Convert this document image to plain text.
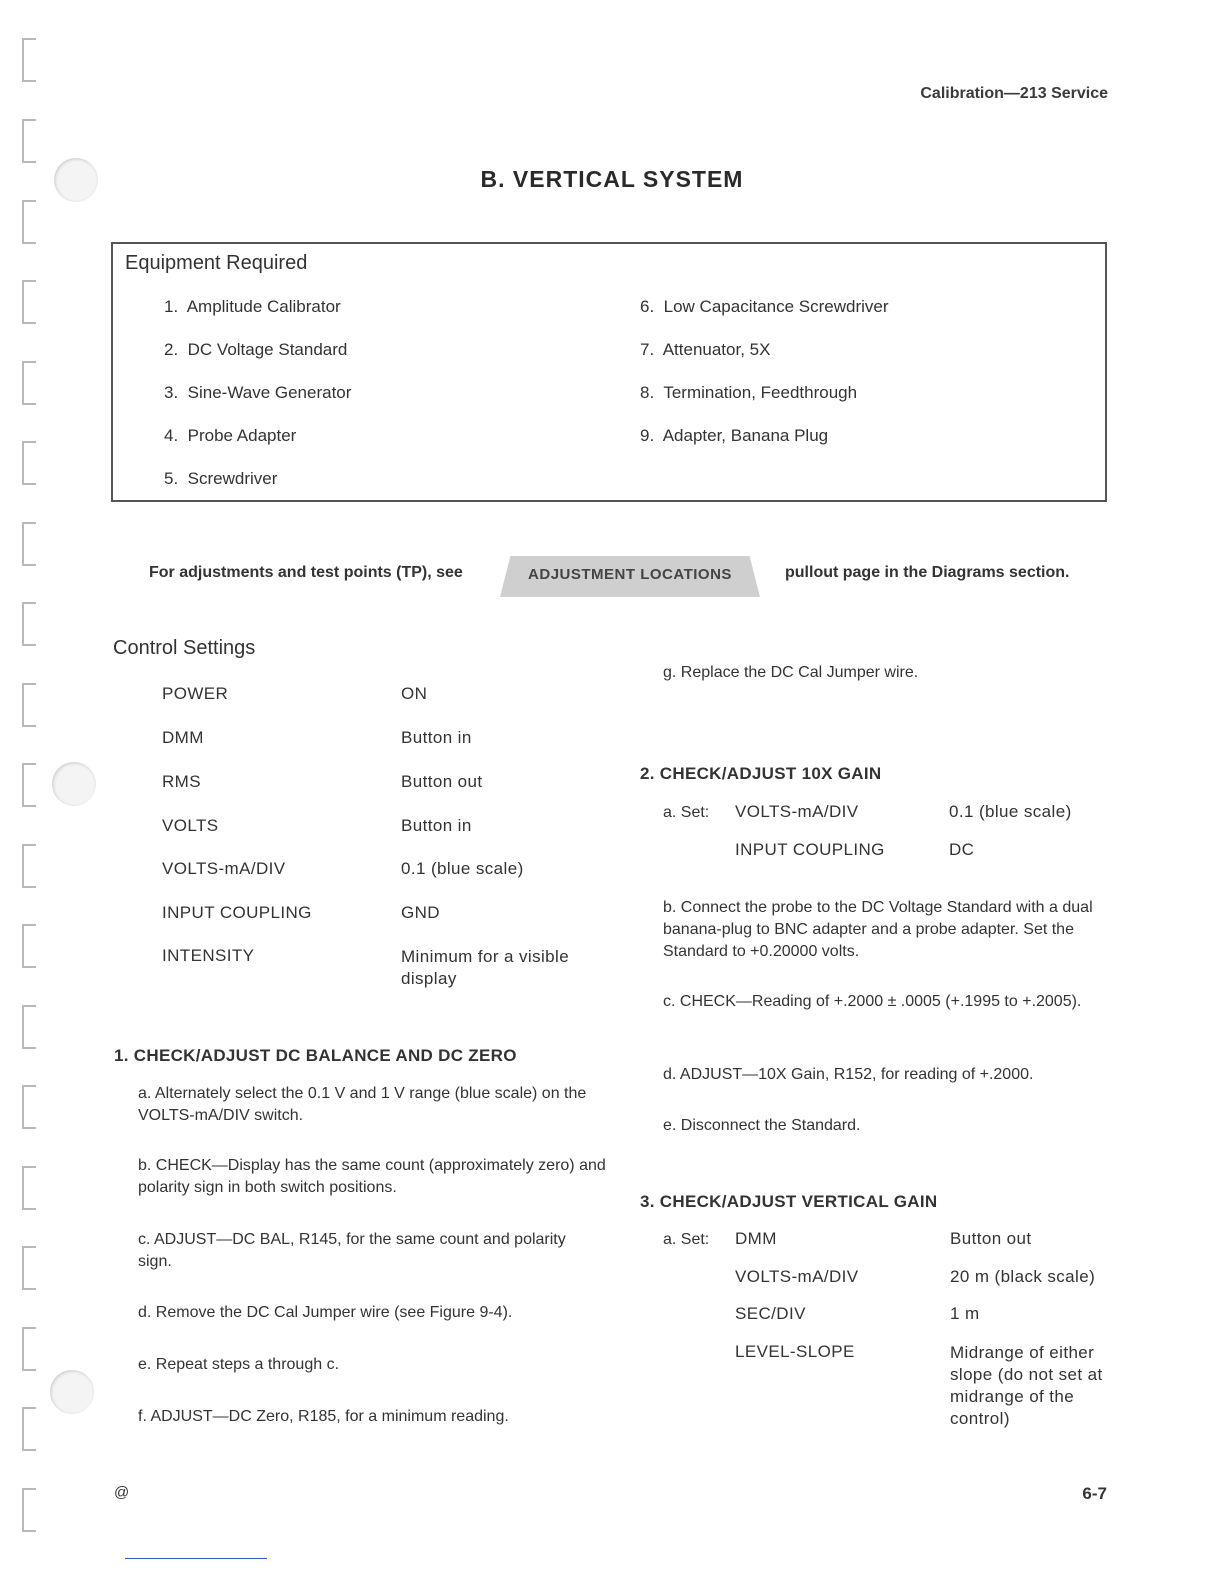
Calibration—213 Service
B. VERTICAL SYSTEM
Equipment Required
1. Amplitude Calibrator
2. DC Voltage Standard
3. Sine-Wave Generator
4. Probe Adapter
5. Screwdriver
6. Low Capacitance Screwdriver
7. Attenuator, 5X
8. Termination, Feedthrough
9. Adapter, Banana Plug
For adjustments and test points (TP), see	ADJUSTMENT LOCATIONS	pullout page in the Diagrams section.
Control Settings
POWER	ON
DMM	Button in
RMS	Button out
VOLTS	Button in
VOLTS-mA/DIV	0.1 (blue scale)
INPUT COUPLING	GND
INTENSITY	Minimum for a visible display
1. CHECK/ADJUST DC BALANCE AND DC ZERO
a. Alternately select the 0.1 V and 1 V range (blue scale) on the VOLTS-mA/DIV switch.
b. CHECK—Display has the same count (approximately zero) and polarity sign in both switch positions.
c. ADJUST—DC BAL, R145, for the same count and polarity sign.
d. Remove the DC Cal Jumper wire (see Figure 9-4).
e. Repeat steps a through c.
f. ADJUST—DC Zero, R185, for a minimum reading.
g. Replace the DC Cal Jumper wire.
2. CHECK/ADJUST 10X GAIN
a. Set: VOLTS-mA/DIV	0.1 (blue scale)
INPUT COUPLING	DC
b. Connect the probe to the DC Voltage Standard with a dual banana-plug to BNC adapter and a probe adapter. Set the Standard to +0.20000 volts.
c. CHECK—Reading of +.2000 ± .0005 (+.1995 to +.2005).
d. ADJUST—10X Gain, R152, for reading of +.2000.
e. Disconnect the Standard.
3. CHECK/ADJUST VERTICAL GAIN
a. Set: DMM	Button out
VOLTS-mA/DIV	20 m (black scale)
SEC/DIV	1 m
LEVEL-SLOPE	Midrange of either slope (do not set at midrange of the control)
@	6-7
